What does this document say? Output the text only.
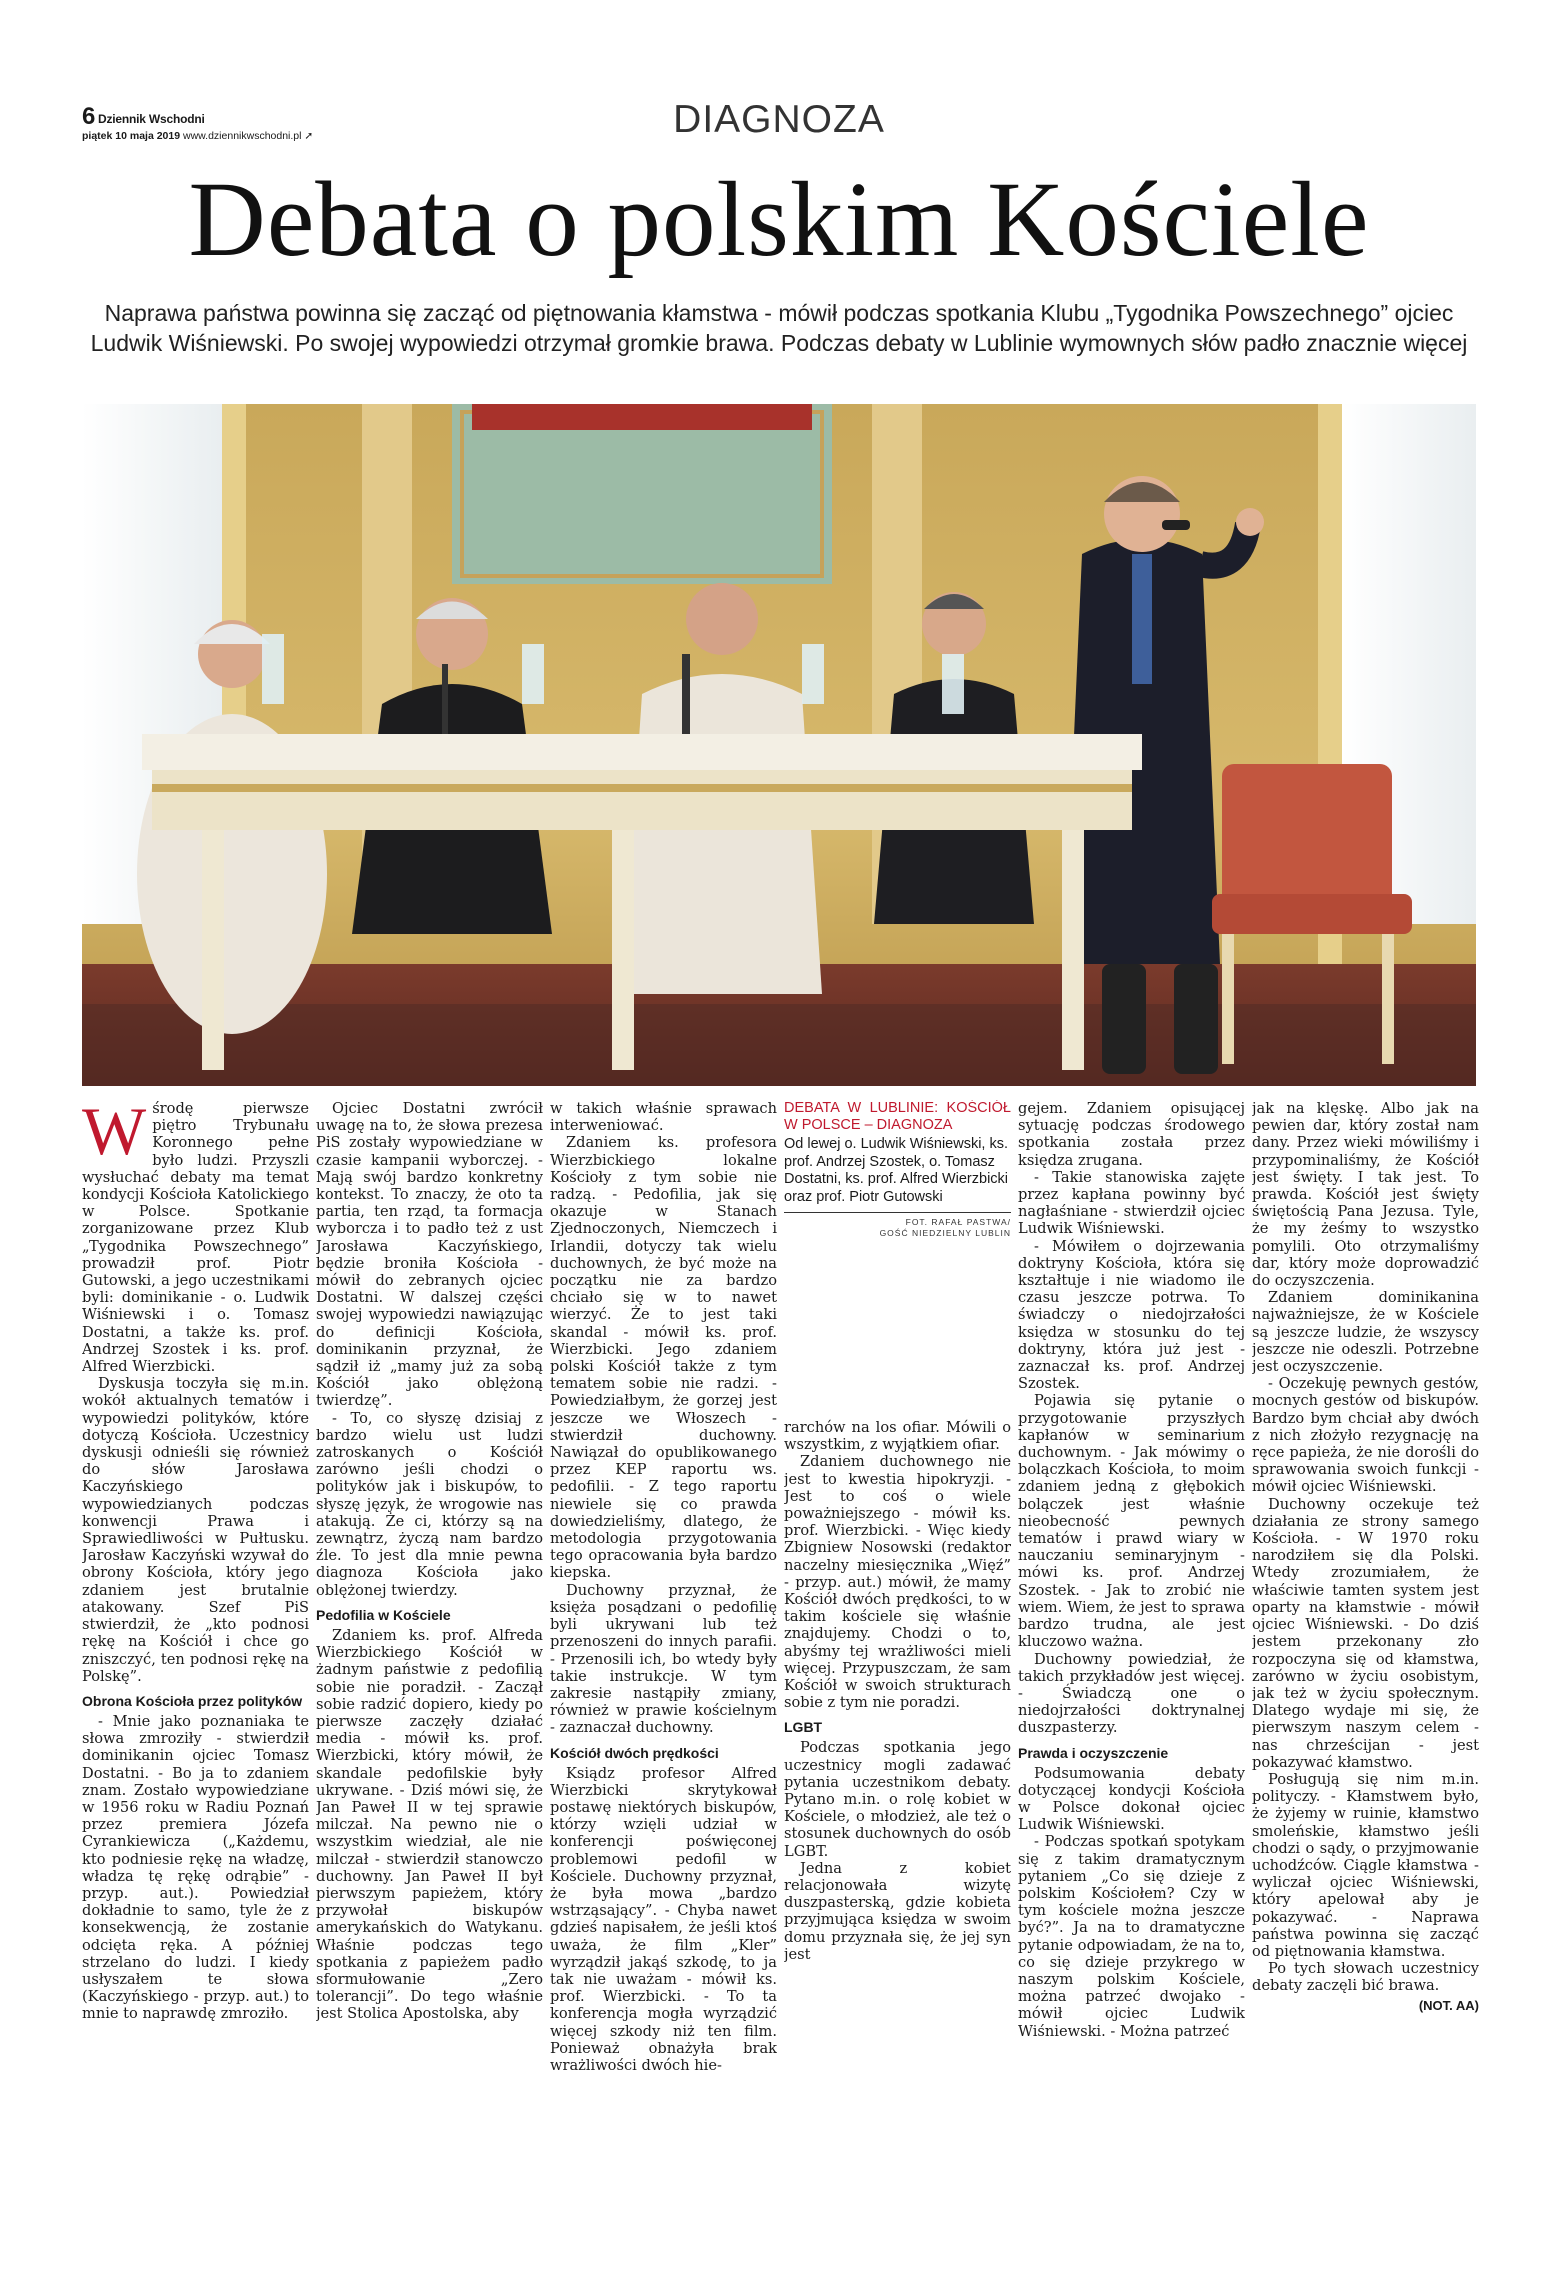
6 Dziennik Wschodni
piątek 10 maja 2019 www.dziennikwschodni.pl ➚	DIAGNOZA
Debata o polskim Kościele

Naprawa państwa powinna się zacząć od piętnowania kłamstwa - mówił podczas spotkania Klubu „Tygodnika Powszechnego” ojciec Ludwik Wiśniewski. Po swojej wypowiedzi otrzymał gromkie brawa. Podczas debaty w Lublinie wymownych słów padło znacznie więcej

Wśrodę pierwsze piętro Trybunału Koronnego pełne było ludzi. Przyszli wysłuchać debaty ma temat kondycji Kościoła Katolickiego w Polsce. Spotkanie zorganizowane przez Klub „Tygodnika Powszechnego” prowadził prof. Piotr Gutowski, a jego uczestnikami byli: dominikanie - o. Ludwik Wiśniewski i o. Tomasz Dostatni, a także ks. prof. Andrzej Szostek i ks. prof. Alfred Wierzbicki.

Dyskusja toczyła się m.in. wokół aktualnych tematów i wypowiedzi polityków, które dotyczą Kościoła. Uczestnicy dyskusji odnieśli się również do słów Jarosława Kaczyńskiego wypowiedzianych podczas konwencji Prawa i Sprawiedliwości w Pułtusku. Jarosław Kaczyński wzywał do obrony Kościoła, który jego zdaniem jest brutalnie atakowany. Szef PiS stwierdził, że „kto podnosi rękę na Kościół i chce go zniszczyć, ten podnosi rękę na Polskę”.

Obrona Kościoła przez polityków

- Mnie jako poznaniaka te słowa zmroziły - stwierdził dominikanin ojciec Tomasz Dostatni. - Bo ja to zdaniem znam. Zostało wypowiedziane w 1956 roku w Radiu Poznań przez premiera Józefa Cyrankiewicza („Każdemu, kto podniesie rękę na władzę, władza tę rękę odrąbie” - przyp. aut.). Powiedział dokładnie to samo, tyle że z konsekwencją, że zostanie odcięta ręka. A później strzelano do ludzi. I kiedy usłyszałem te słowa (Kaczyńskiego - przyp. aut.) to mnie to naprawdę zmroziło.

Ojciec Dostatni zwrócił uwagę na to, że słowa prezesa PiS zostały wypowiedziane w czasie kampanii wyborczej. - Mają swój bardzo konkretny kontekst. To znaczy, że oto ta partia, ten rząd, ta formacja wyborcza i to padło też z ust Jarosława Kaczyńskiego, będzie broniła Kościoła - mówił do zebranych ojciec Dostatni. W dalszej części swojej wypowiedzi nawiązując do definicji Kościoła, dominikanin przyznał, że sądził iż „mamy już za sobą Kościół jako oblężoną twierdzę”.

- To, co słyszę dzisiaj z bardzo wielu ust ludzi zatroskanych o Kościół zarówno jeśli chodzi o polityków jak i biskupów, to słyszę język, że wrogowie nas atakują. Że ci, którzy są na zewnątrz, życzą nam bardzo źle. To jest dla mnie pewna diagnoza Kościoła jako oblężonej twierdzy.

Pedofilia w Kościele

Zdaniem ks. prof. Alfreda Wierzbickiego Kościół w żadnym państwie z pedofilią sobie nie poradził. - Zaczął sobie radzić dopiero, kiedy po pierwsze zaczęły działać media - mówił ks. prof. Wierzbicki, który mówił, że skandale pedofilskie były ukrywane. - Dziś mówi się, że Jan Paweł II w tej sprawie milczał. Na pewno nie o wszystkim wiedział, ale nie milczał - stwierdził stanowczo duchowny. Jan Paweł II był pierwszym papieżem, który przywołał biskupów amerykańskich do Watykanu. Właśnie podczas tego spotkania z papieżem padło sformułowanie „Zero tolerancji”. Do tego właśnie jest Stolica Apostolska, aby

w takich właśnie sprawach interweniować.

Zdaniem ks. profesora Wierzbickiego lokalne Kościoły z tym sobie nie radzą. - Pedofilia, jak się okazuje w Stanach Zjednoczonych, Niemczech i Irlandii, dotyczy tak wielu duchownych, że być może na początku nie za bardzo chciało się w to nawet wierzyć. Że to jest taki skandal - mówił ks. prof. Wierzbicki. Jego zdaniem polski Kościół także z tym tematem sobie nie radzi. - Powiedziałbym, że gorzej jest jeszcze we Włoszech - stwierdził duchowny. Nawiązał do opublikowanego przez KEP raportu ws. pedofilii. - Z tego raportu niewiele się co prawda dowiedzieliśmy, dlatego, że metodologia przygotowania tego opracowania była bardzo kiepska.

Duchowny przyznał, że księża posądzani o pedofilię byli ukrywani lub też przenoszeni do innych parafii. - Przenosili ich, bo wtedy były takie instrukcje. W tym zakresie nastąpiły zmiany, również w prawie kościelnym - zaznaczał duchowny.

Kościół dwóch prędkości

Ksiądz profesor Alfred Wierzbicki skrytykował postawę niektórych biskupów, którzy wzięli udział w konferencji poświęconej problemowi pedofil w Kościele. Duchowny przyznał, że była mowa „bardzo wstrząsający”. - Chyba nawet gdzieś napisałem, że jeśli ktoś uważa, że film „Kler” wyrządził jakąś szkodę, to ja tak nie uważam - mówił ks. prof. Wierzbicki. - To ta konferencja mogła wyrządzić więcej szkody niż ten film. Ponieważ obnażyła brak wrażliwości dwóch hie-

DEBATA W LUBLINIE: KOŚCIÓŁ W POLSCE – DIAGNOZA
Od lewej o. Ludwik Wiśniewski, ks. prof. Andrzej Szostek, o. Tomasz Dostatni, ks. prof. Alfred Wierzbicki oraz prof. Piotr Gutowski
FOT. RAFAŁ PASTWA/
GOŚĆ NIEDZIELNY LUBLIN

rarchów na los ofiar. Mówili o wszystkim, z wyjątkiem ofiar.

Zdaniem duchownego nie jest to kwestia hipokryzji. - Jest to coś o wiele poważniejszego - mówił ks. prof. Wierzbicki. - Więc kiedy Zbigniew Nosowski (redaktor naczelny miesięcznika „Więź” - przyp. aut.) mówił, że mamy Kościół dwóch prędkości, to w takim kościele się właśnie znajdujemy. Chodzi o to, abyśmy tej wrażliwości mieli więcej. Przypuszczam, że sam Kościół w swoich strukturach sobie z tym nie poradzi.

LGBT

Podczas spotkania jego uczestnicy mogli zadawać pytania uczestnikom debaty. Pytano m.in. o rolę kobiet w Kościele, o młodzież, ale też o stosunek duchownych do osób LGBT.

Jedna z kobiet relacjonowała wizytę duszpasterską, gdzie kobieta przyjmująca księdza w swoim domu przyznała się, że jej syn jest

gejem. Zdaniem opisującej sytuację podczas środowego spotkania została przez księdza zrugana.

- Takie stanowiska zajęte przez kapłana powinny być nagłaśniane - stwierdził ojciec Ludwik Wiśniewski.

- Mówiłem o dojrzewania doktryny Kościoła, która się kształtuje i nie wiadomo ile czasu jeszcze potrwa. To świadczy o niedojrzałości księdza w stosunku do tej doktryny, która już jest - zaznaczał ks. prof. Andrzej Szostek.

Pojawia się pytanie o przygotowanie przyszłych kapłanów w seminarium duchownym. - Jak mówimy o bolączkach Kościoła, to moim zdaniem jedną z głębokich bolączek jest właśnie nieobecność pewnych tematów i prawd wiary w nauczaniu seminaryjnym - mówi ks. prof. Andrzej Szostek. - Jak to zrobić nie wiem. Wiem, że jest to sprawa bardzo trudna, ale jest kluczowo ważna.

Duchowny powiedział, że takich przykładów jest więcej. - Świadczą one o niedojrzałości doktrynalnej duszpasterzy.

Prawda i oczyszczenie

Podsumowania debaty dotyczącej kondycji Kościoła w Polsce dokonał ojciec Ludwik Wiśniewski.

- Podczas spotkań spotykam się z takim dramatycznym pytaniem „Co się dzieje z polskim Kościołem? Czy w tym kościele można jeszcze być?”. Ja na to dramatyczne pytanie odpowiadam, że na to, co się dzieje przykrego w naszym polskim Kościele, można patrzeć dwojako - mówił ojciec Ludwik Wiśniewski. - Można patrzeć

jak na klęskę. Albo jak na pewien dar, który został nam dany. Przez wieki mówiliśmy i przypominaliśmy, że Kościół jest święty. I tak jest. To prawda. Kościół jest święty świętością Pana Jezusa. Tyle, że my żeśmy to wszystko pomylili. Oto otrzymaliśmy dar, który może doprowadzić do oczyszczenia.

Zdaniem dominikanina najważniejsze, że w Kościele są jeszcze ludzie, że wszyscy jeszcze nie odeszli. Potrzebne jest oczyszczenie.

- Oczekuję pewnych gestów, mocnych gestów od biskupów. Bardzo bym chciał aby dwóch z nich złożyło rezygnację na ręce papieża, że nie dorośli do sprawowania swoich funkcji - mówił ojciec Wiśniewski.

Duchowny oczekuje też działania ze strony samego Kościoła. - W 1970 roku narodziłem się dla Polski. Wtedy zrozumiałem, że właściwie tamten system jest oparty na kłamstwie - mówił ojciec Wiśniewski. - Do dziś jestem przekonany zło rozpoczyna się od kłamstwa, zarówno w życiu osobistym, jak też w życiu społecznym. Dlatego wydaje mi się, że pierwszym naszym celem - nas chrześcijan - jest pokazywać kłamstwo.

Posługują się nim m.in. polityczy. - Kłamstwem było, że żyjemy w ruinie, kłamstwo smoleńskie, kłamstwo jeśli chodzi o sądy, o przyjmowanie uchodźców. Ciągle kłamstwa - wyliczał ojciec Wiśniewski, który apelował aby je pokazywać. - Naprawa państwa powinna się zacząć od piętnowania kłamstwa.

Po tych słowach uczestnicy debaty zaczęli bić brawa.

(NOT. AA)
